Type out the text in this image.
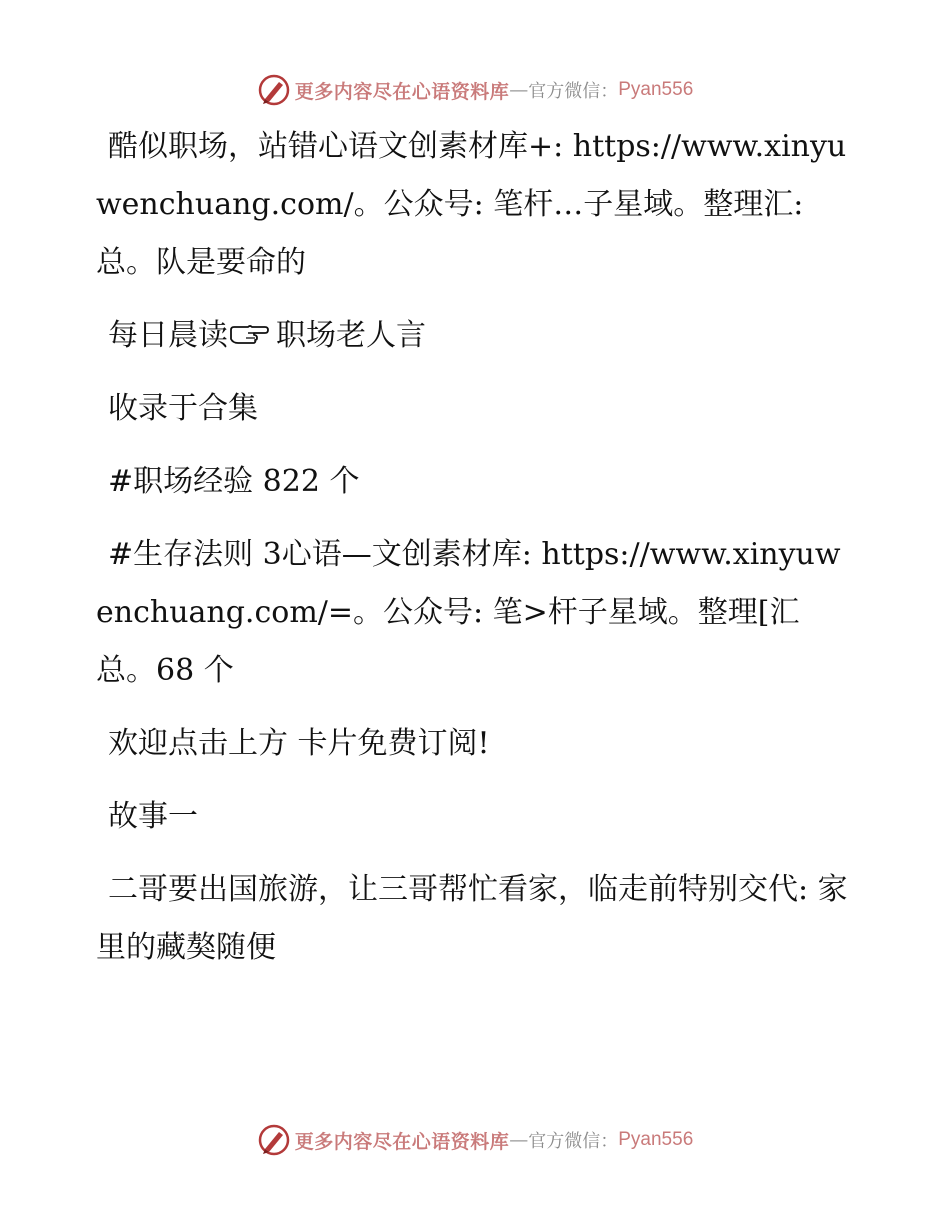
更多内容尽在心语资料库 — 官方微信： Pyan556

酷似职场，站错心语文创素材库+: https://www.xinyuwenchuang.com/。公众号: 笔杆…子星域。整理汇:总。队是要命的

每日晨读 职场老人言

收录于合集

#职场经验 822 个

#生存法则 3心语—文创素材库: https://www.xinyuwenchuang.com/=。公众号: 笔>杆子星域。整理[汇总。68 个

欢迎点击上方 卡片免费订阅!

故事一

二哥要出国旅游，让三哥帮忙看家，临走前特别交代: 家里的藏獒随便

更多内容尽在心语资料库 — 官方微信： Pyan556
